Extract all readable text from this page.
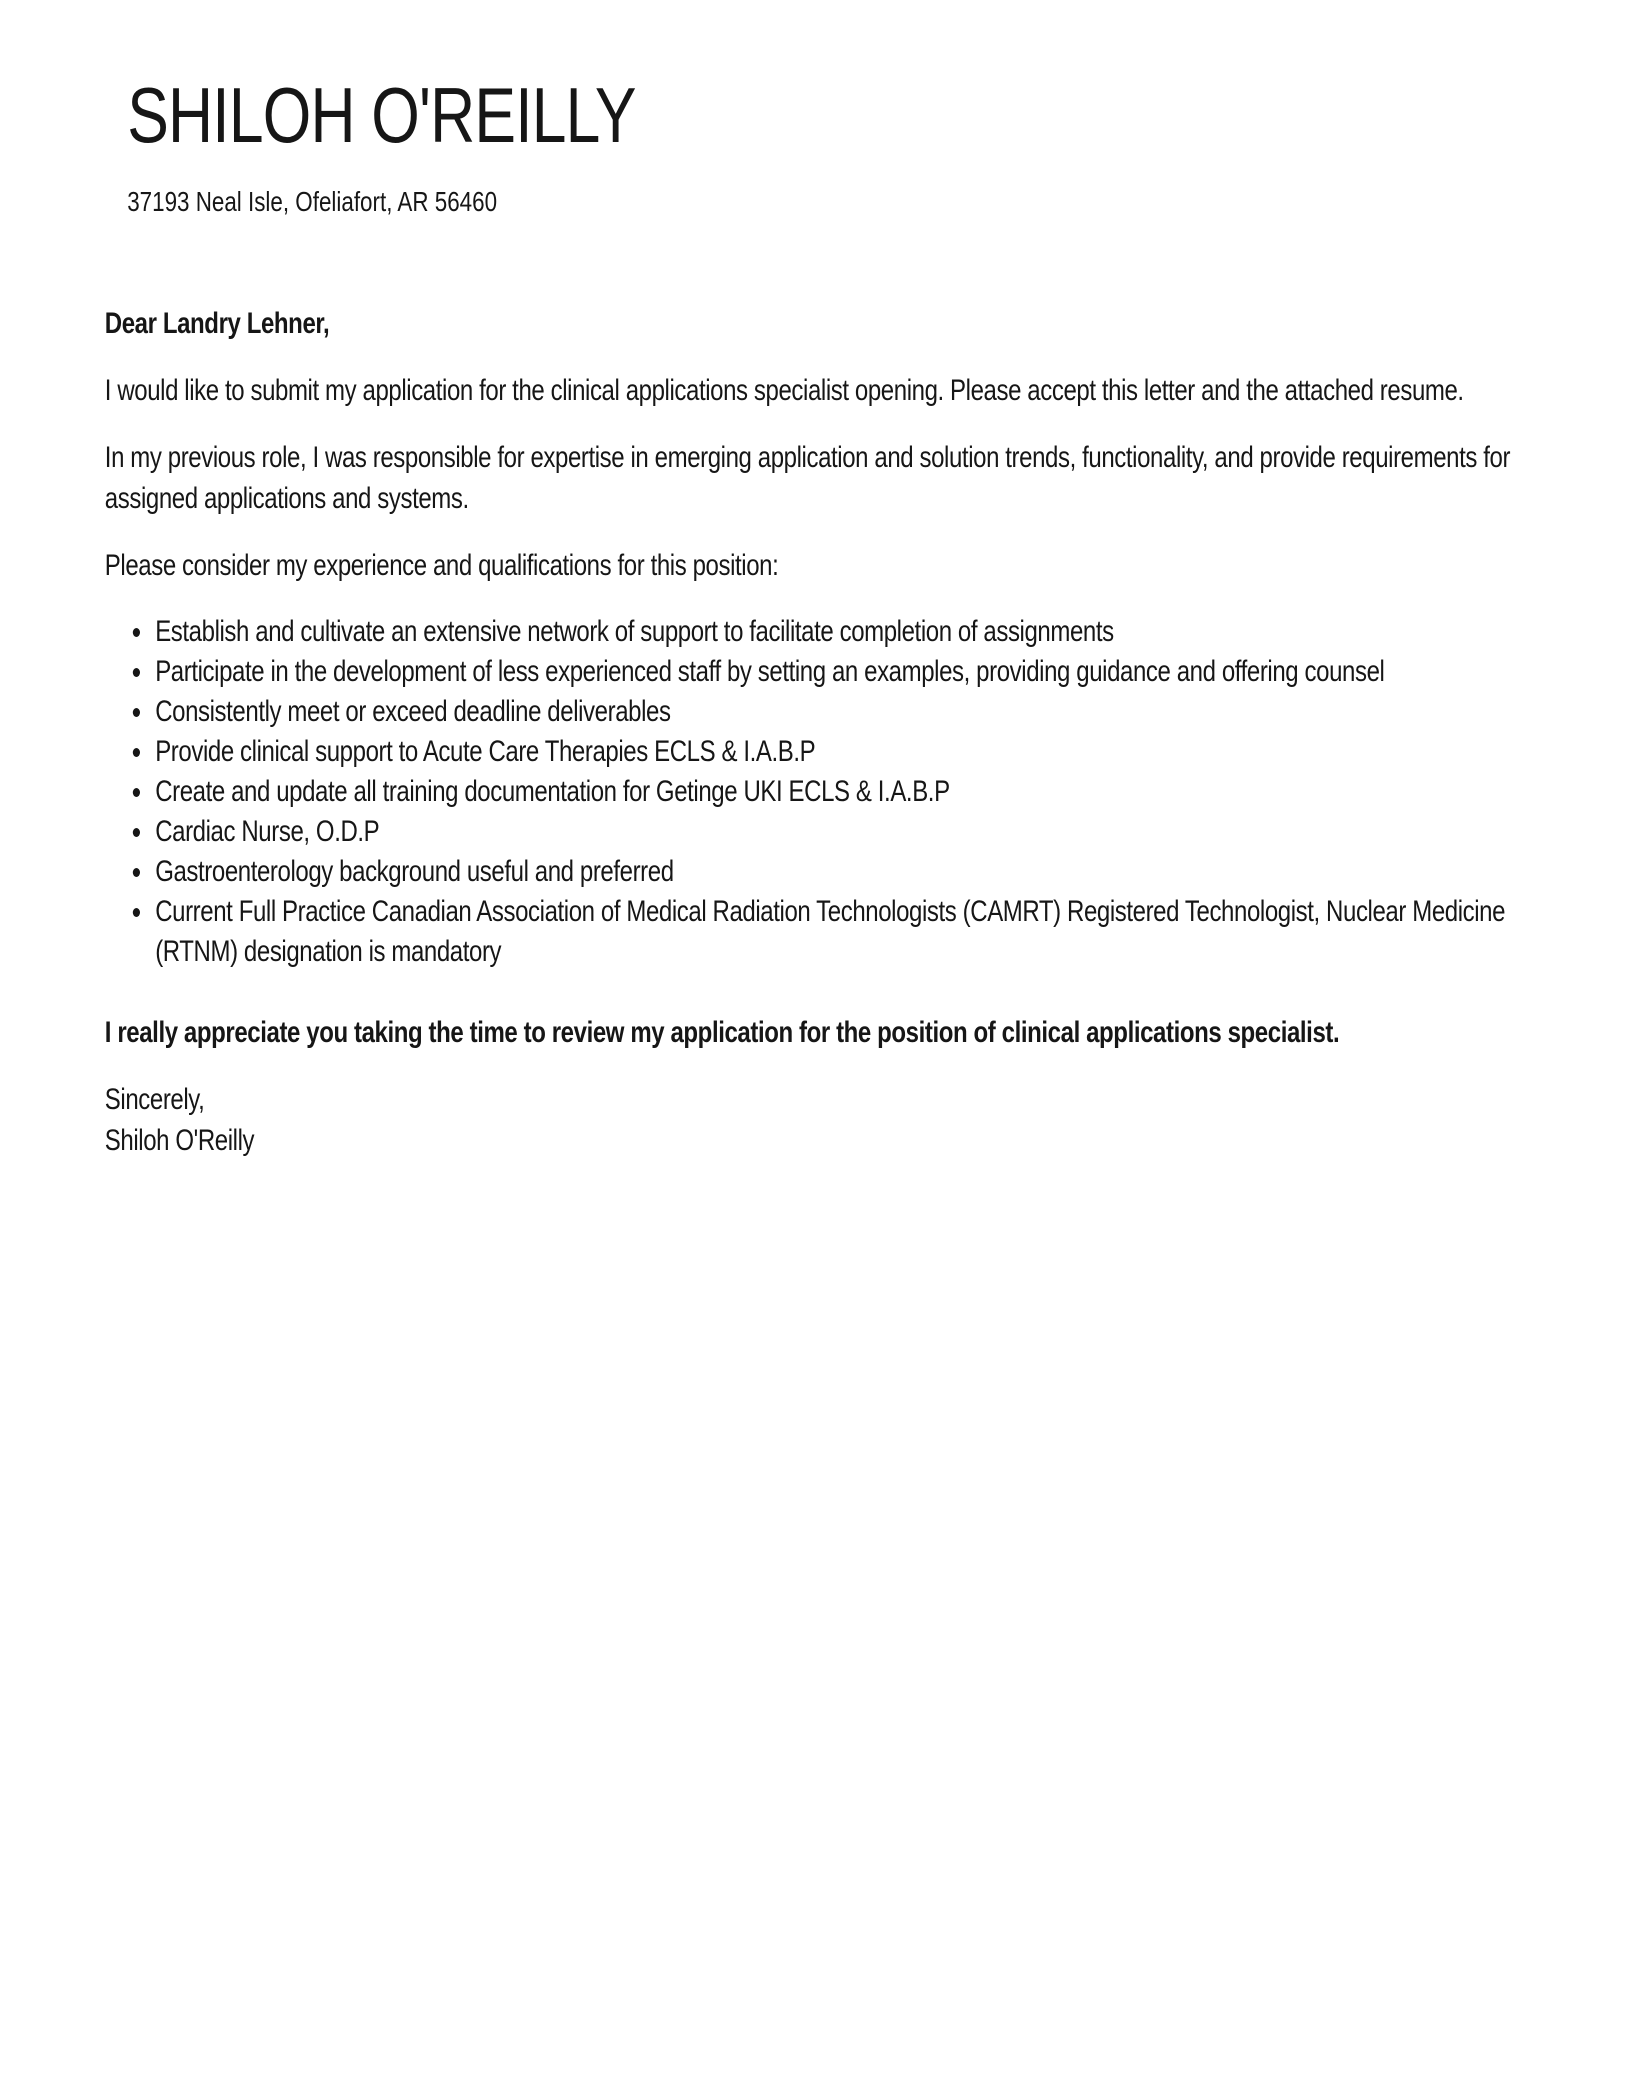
SHILOH O'REILLY
37193 Neal Isle, Ofeliafort, AR 56460

Dear Landry Lehner,

I would like to submit my application for the clinical applications specialist opening. Please accept this letter and the attached resume.

In my previous role, I was responsible for expertise in emerging application and solution trends, functionality, and provide requirements for assigned applications and systems.

Please consider my experience and qualifications for this position:

• Establish and cultivate an extensive network of support to facilitate completion of assignments
• Participate in the development of less experienced staff by setting an examples, providing guidance and offering counsel
• Consistently meet or exceed deadline deliverables
• Provide clinical support to Acute Care Therapies ECLS & I.A.B.P
• Create and update all training documentation for Getinge UKI ECLS & I.A.B.P
• Cardiac Nurse, O.D.P
• Gastroenterology background useful and preferred
• Current Full Practice Canadian Association of Medical Radiation Technologists (CAMRT) Registered Technologist, Nuclear Medicine (RTNM) designation is mandatory

I really appreciate you taking the time to review my application for the position of clinical applications specialist.

Sincerely,
Shiloh O'Reilly
